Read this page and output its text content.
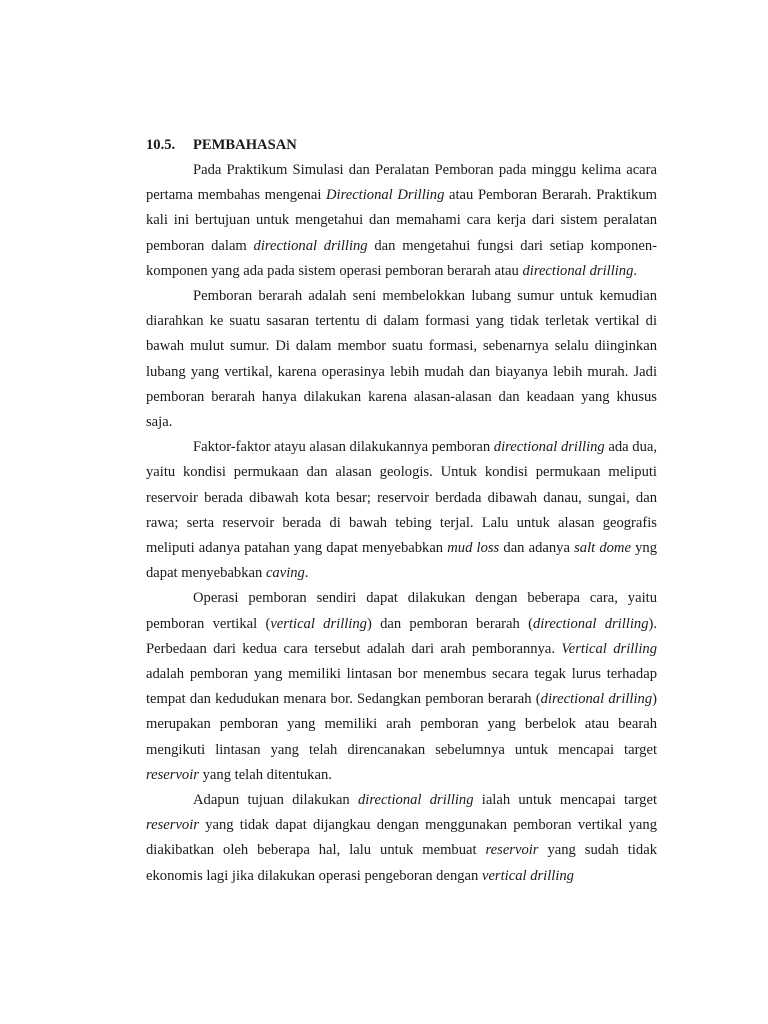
10.5. PEMBAHASAN

Pada Praktikum Simulasi dan Peralatan Pemboran pada minggu kelima acara pertama membahas mengenai Directional Drilling atau Pemboran Berarah. Praktikum kali ini bertujuan untuk mengetahui dan memahami cara kerja dari sistem peralatan pemboran dalam directional drilling dan mengetahui fungsi dari setiap komponen-komponen yang ada pada sistem operasi pemboran berarah atau directional drilling.

Pemboran berarah adalah seni membelokkan lubang sumur untuk kemudian diarahkan ke suatu sasaran tertentu di dalam formasi yang tidak terletak vertikal di bawah mulut sumur. Di dalam membor suatu formasi, sebenarnya selalu diinginkan lubang yang vertikal, karena operasinya lebih mudah dan biayanya lebih murah. Jadi pemboran berarah hanya dilakukan karena alasan-alasan dan keadaan yang khusus saja.

Faktor-faktor atayu alasan dilakukannya pemboran directional drilling ada dua, yaitu kondisi permukaan dan alasan geologis. Untuk kondisi permukaan meliputi reservoir berada dibawah kota besar; reservoir berdada dibawah danau, sungai, dan rawa; serta reservoir berada di bawah tebing terjal. Lalu untuk alasan geografis meliputi adanya patahan yang dapat menyebabkan mud loss dan adanya salt dome yng dapat menyebabkan caving.

Operasi pemboran sendiri dapat dilakukan dengan beberapa cara, yaitu pemboran vertikal (vertical drilling) dan pemboran berarah (directional drilling). Perbedaan dari kedua cara tersebut adalah dari arah pemborannya. Vertical drilling adalah pemboran yang memiliki lintasan bor menembus secara tegak lurus terhadap tempat dan kedudukan menara bor. Sedangkan pemboran berarah (directional drilling) merupakan pemboran yang memiliki arah pemboran yang berbelok atau bearah mengikuti lintasan yang telah direncanakan sebelumnya untuk mencapai target reservoir yang telah ditentukan.

Adapun tujuan dilakukan directional drilling ialah untuk mencapai target reservoir yang tidak dapat dijangkau dengan menggunakan pemboran vertikal yang diakibatkan oleh beberapa hal, lalu untuk membuat reservoir yang sudah tidak ekonomis lagi jika dilakukan operasi pengeboran dengan vertical drilling
